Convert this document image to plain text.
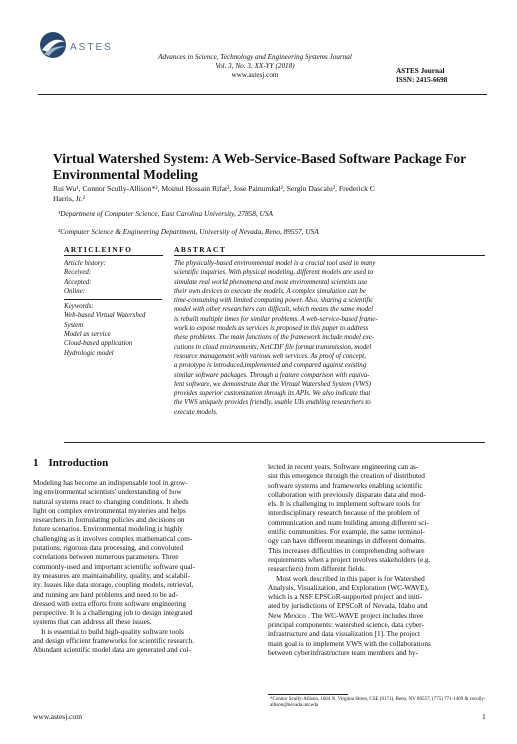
ASTES
Advances in Science, Technology and Engineering Systems Journal
Vol. 3, No. 3, XX-YY (2018)
www.astesj.com	ASTES Journal
ISSN: 2415-6698
Virtual Watershed System: A Web-Service-Based Software Package For Environmental Modeling
Rui Wu¹, Connor Scully-Allison*², Moinul Hossain Rifat², Jose Painumkal², Sergiu Dascalu², Frederick C
Harris, Jr.²
¹Department of Computer Science, East Carolina University, 27858, USA
²Computer Science & Engineering Department, University of Nevada, Reno, 89557, USA
ARTICLEINFO	ABSTRACT
Article history:
Received:
Accepted:
Online:
Keywords:
Web-based Virtual Watershed
System
Model as service
Cloud-based application
Hydrologic model
The physically-based environmental model is a crucial tool used in many
scientific inquiries. With physical modeling, different models are used to
simulate real world phenomena and most environmental scientists use
their own devices to execute the models. A complex simulation can be
time-consuming with limited computing power. Also, sharing a scientific
model with other researchers can difficult, which means the same model
is rebuilt multiple times for similar problems. A web-service-based frame-
work to expose models as services is proposed in this paper to address
these problems. The main functions of the framework include model exe-
cutions in cloud environments, NetCDF file format transmission, model
resource management with various web services. As proof of concept,
a prototype is introduced,implemented and compared against existing
similar software packages. Through a feature comparison with equiva-
lent software, we demonstrate that the Virtual Watershed System (VWS)
provides superior customization through its APIs. We also indicate that
the VWS uniquely provides friendly, usable UIs enabling researchers to
execute models.
1 Introduction
Modeling has become an indispensable tool in grow-
ing environmental scientists' understanding of how
natural systems react to changing conditions. It sheds
light on complex environmental mysteries and helps
researchers in formulating policies and decisions on
future scenarios. Environmental modeling is highly
challenging as it involves complex mathematical com-
putations, rigorous data processing, and convoluted
correlations between numerous parameters. Three
commonly-used and important scientific software qual-
ity measures are maintainability, quality, and scalabil-
ity. Issues like data storage, coupling models, retrieval,
and running are hard problems and need to be ad-
dressed with extra efforts from software engineering
perspective. It is a challenging job to design integrated
systems that can address all these issues.
It is essential to build high-quality software tools
and design efficient frameworks for scientific research.
Abundant scientific model data are generated and col-
lected in recent years. Software engineering can as-
sist this emergence through the creation of distributed
software systems and frameworks enabling scientific
collaboration with previously disparate data and mod-
els. It is challenging to implement software tools for
interdisciplinary research because of the problem of
communication and team building among different sci-
entific communities. For example, the same terminol-
ogy can have different meanings in different domains.
This increases difficulties in comprehending software
requirements when a project involves stakeholders (e.g.
researchers) from different fields.
Most work described in this paper is for Watershed
Analysis, Visualization, and Exploration (WC-WAVE),
which is a NSF EPSCoR-supported project and initi-
ated by jurisdictions of EPSCoR of Nevada, Idaho and
New Mexico . The WC-WAVE project includes three
principal components: watershed science, data cyber-
infrastructure and data visualization [1]. The project
main goal is to implement VWS with the collaborations
between cyberinfrastructure team members and hy-
*Connor Scully-Allison, 1664 N. Virginia Street, CSE (0171), Reno, NV 89557, (775) 771-1469 & cscully-allison@nevada.unr.edu
www.astesj.com	1
